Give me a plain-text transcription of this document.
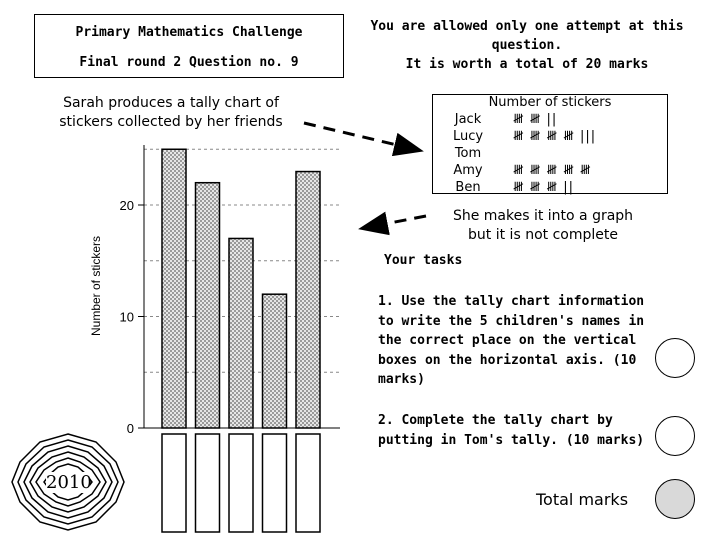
Primary Mathematics Challenge
Final round 2 Question no. 9
You are allowed only one attempt at this
question.
It is worth a total of 20 marks
Sarah produces a tally chart of
stickers collected by her friends
Number of stickers
Jack	𝍸 𝍸 ||
Lucy	𝍸 𝍸 𝍸 𝍸 |||
Tom
Amy	𝍸 𝍸 𝍸 𝍸 𝍸
Ben	𝍸 𝍸 𝍸 ||
She makes it into a graph
but it is not complete
0
10
20
Number of stickers
2010
Your tasks
1. Use the tally chart information
to write the 5 children's names in
the correct place on the vertical
boxes on the horizontal axis. (10
marks)
2. Complete the tally chart by
putting in Tom's tally. (10 marks)
Total marks
